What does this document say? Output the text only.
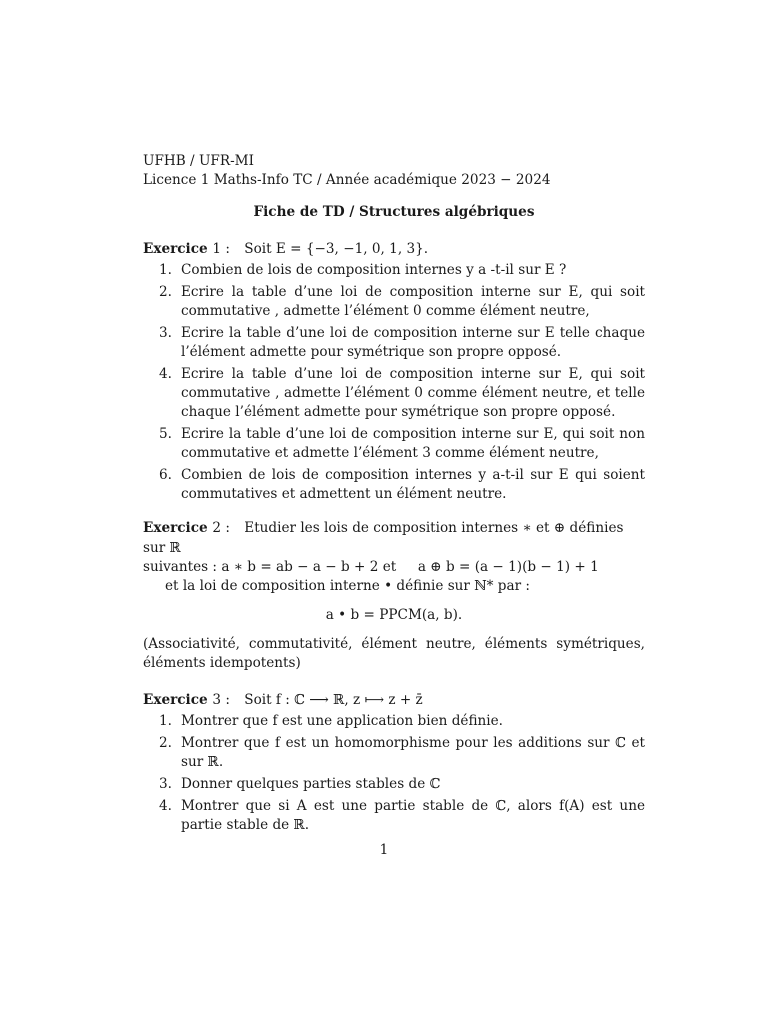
UFHB / UFR-MI

Licence 1 Maths-Info TC / Année académique 2023 − 2024

Fiche de TD / Structures algébriques

Exercice 1 : Soit E = {−3, −1, 0, 1, 3}.
1. Combien de lois de composition internes y a -t-il sur E ?
2. Ecrire la table d’une loi de composition interne sur E, qui soit commutative , admette l’élément 0 comme élément neutre,
3. Ecrire la table d’une loi de composition interne sur E telle chaque l’élément admette pour symétrique son propre opposé.
4. Ecrire la table d’une loi de composition interne sur E, qui soit commutative , admette l’élément 0 comme élément neutre, et telle chaque l’élément admette pour symétrique son propre opposé.
5. Ecrire la table d’une loi de composition interne sur E, qui soit non commutative et admette l’élément 3 comme élément neutre,
6. Combien de lois de composition internes y a-t-il sur E qui soient commutatives et admettent un élément neutre.
Exercice 2 : Etudier les lois de composition internes ∗ et ⊕ définies sur ℝ

suivantes : a ∗ b = ab − a − b + 2 et     a ⊕ b = (a − 1)(b − 1) + 1

et la loi de composition interne • définie sur ℕ* par :

a • b = PPCM(a, b).

(Associativité, commutativité, élément neutre, éléments symétriques, éléments idempotents)

Exercice 3 : Soit f : ℂ ⟶ ℝ, z ⟼ z + z̄
1. Montrer que f est une application bien définie.
2. Montrer que f est un homomorphisme pour les additions sur ℂ et sur ℝ.
3. Donner quelques parties stables de ℂ
4. Montrer que si A est une partie stable de ℂ, alors f(A) est une partie stable de ℝ.
1
